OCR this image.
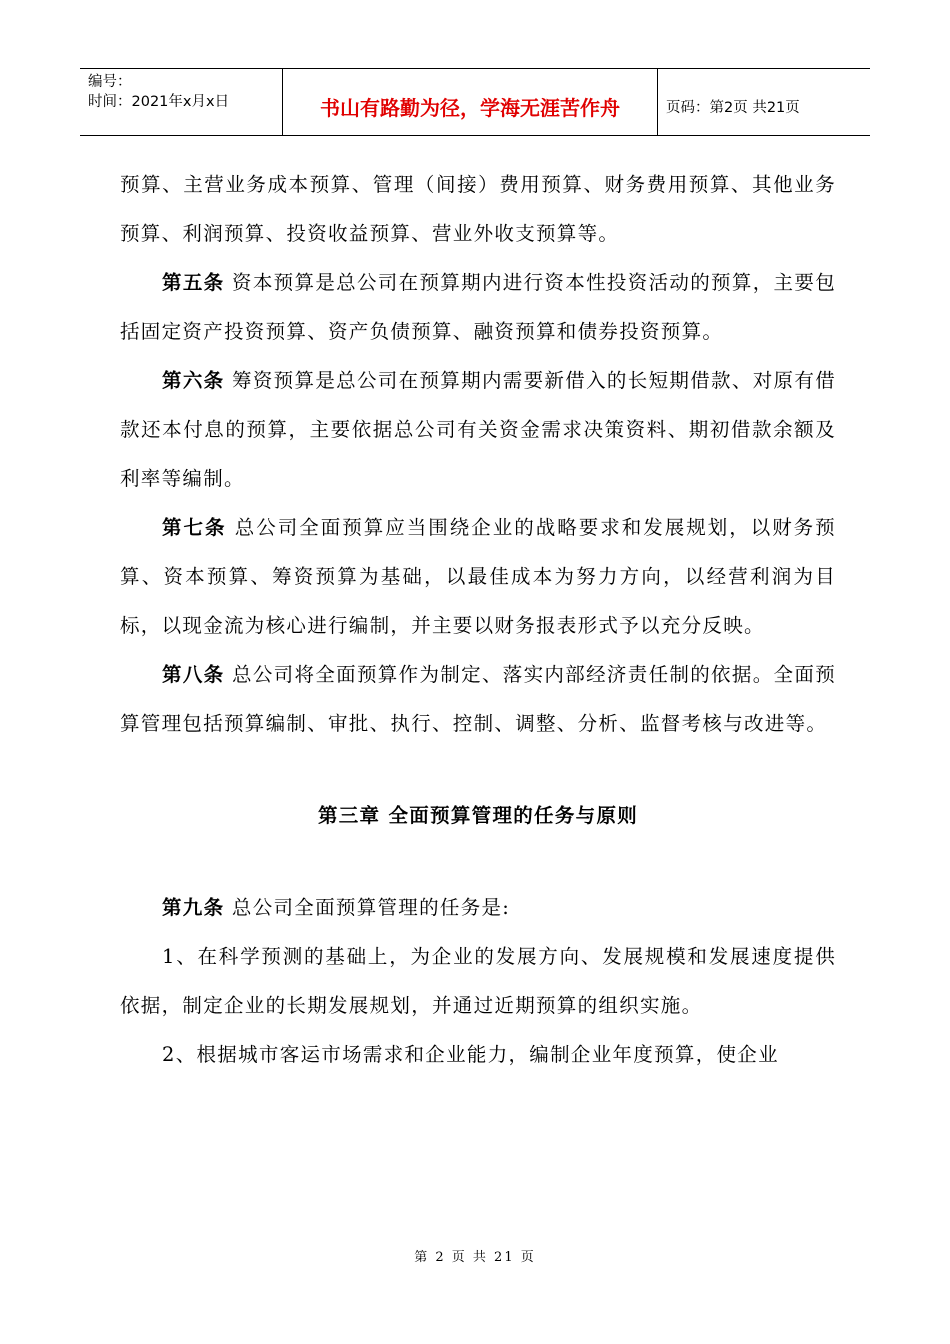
编号：
时间：2021年x月x日	书山有路勤为径，学海无涯苦作舟	页码：第2页 共21页

预算、主营业务成本预算、管理（间接）费用预算、财务费用预算、其他业务预算、利润预算、投资收益预算、营业外收支预算等。

第五条 资本预算是总公司在预算期内进行资本性投资活动的预算，主要包括固定资产投资预算、资产负债预算、融资预算和债券投资预算。

第六条 筹资预算是总公司在预算期内需要新借入的长短期借款、对原有借款还本付息的预算，主要依据总公司有关资金需求决策资料、期初借款余额及利率等编制。

第七条 总公司全面预算应当围绕企业的战略要求和发展规划，以财务预算、资本预算、筹资预算为基础，以最佳成本为努力方向，以经营利润为目标，以现金流为核心进行编制，并主要以财务报表形式予以充分反映。

第八条 总公司将全面预算作为制定、落实内部经济责任制的依据。全面预算管理包括预算编制、审批、执行、控制、调整、分析、监督考核与改进等。

第三章 全面预算管理的任务与原则

第九条 总公司全面预算管理的任务是:

1、在科学预测的基础上，为企业的发展方向、发展规模和发展速度提供依据，制定企业的长期发展规划，并通过近期预算的组织实施。

2、根据城市客运市场需求和企业能力，编制企业年度预算，使企业

第 2 页 共 21 页
